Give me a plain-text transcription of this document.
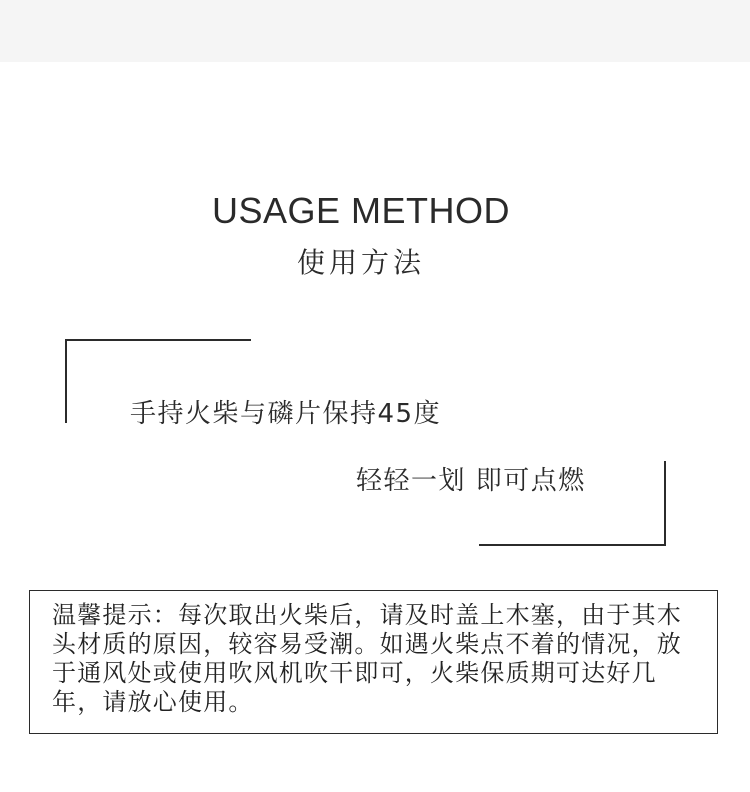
USAGE METHOD
使用方法
手持火柴与磷片保持45度
轻轻一划 即可点燃

温馨提示：每次取出火柴后，请及时盖上木塞，由于其木头材质的原因，较容易受潮。如遇火柴点不着的情况，放于通风处或使用吹风机吹干即可，火柴保质期可达好几年，请放心使用。
